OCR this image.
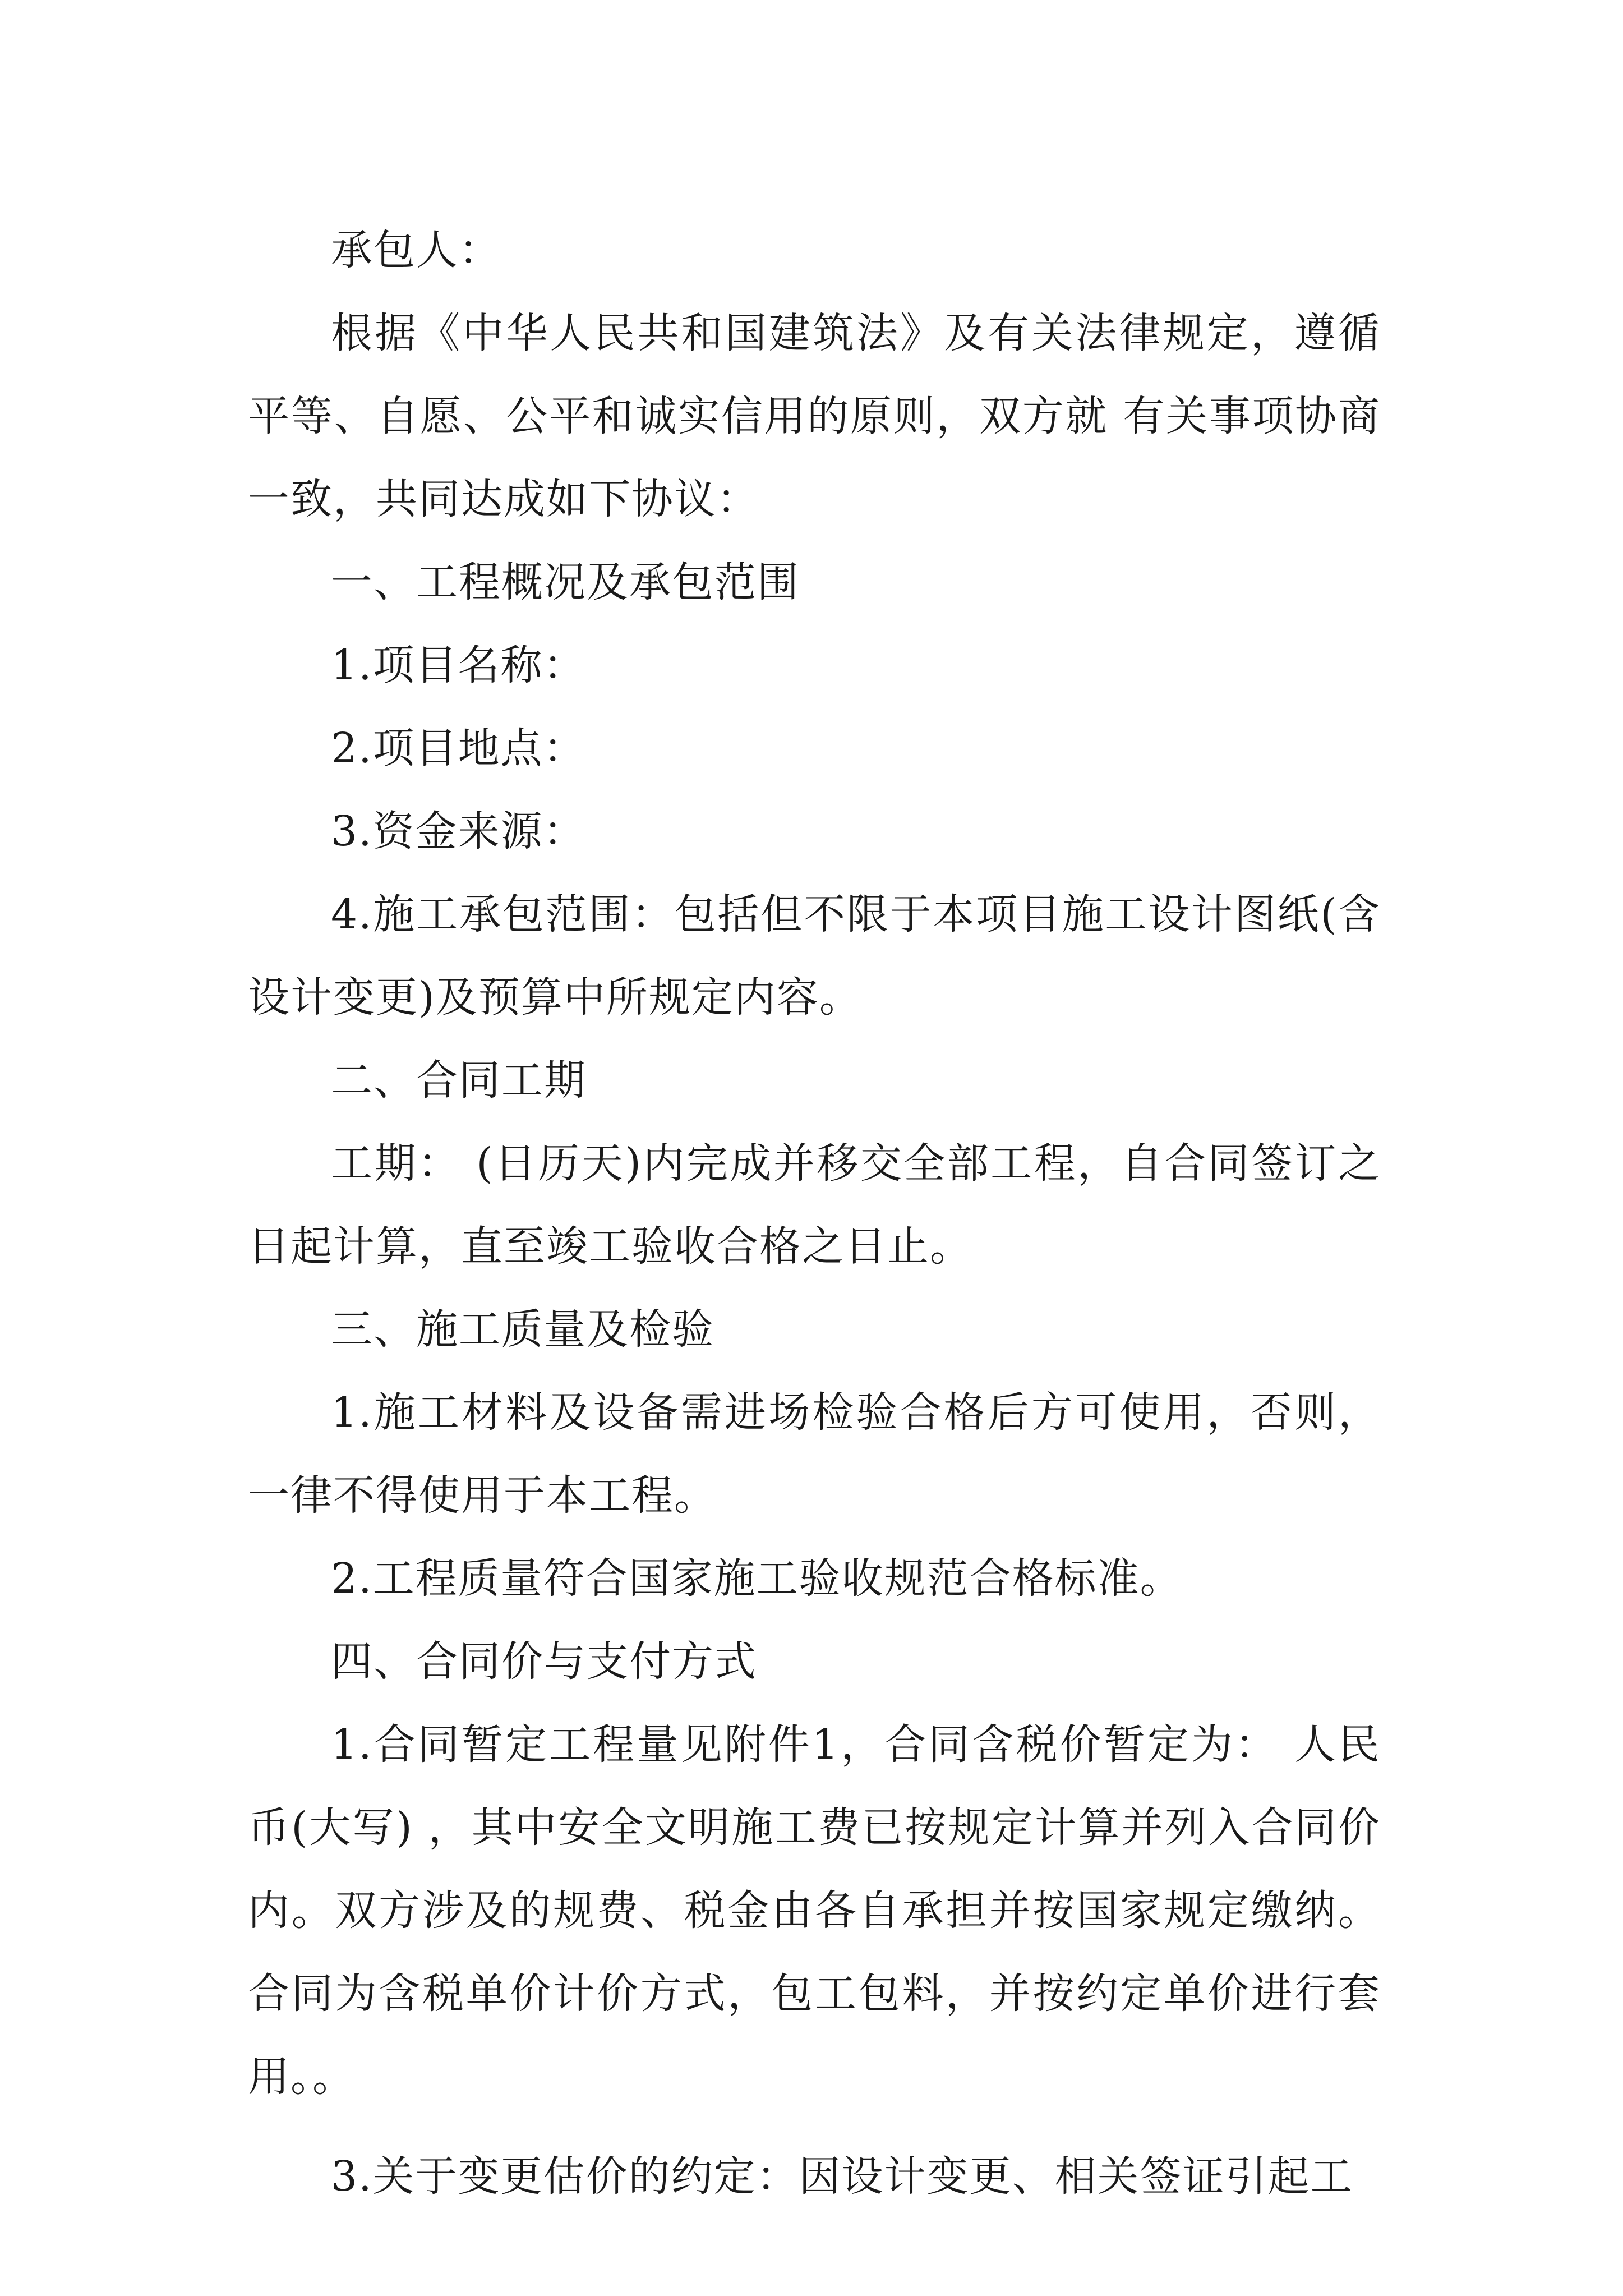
承包人：

根据《中华人民共和国建筑法》及有关法律规定，遵循平等、自愿、公平和诚实信用的原则，双方就 有关事项协商一致，共同达成如下协议：

一、工程概况及承包范围

1.项目名称：

2.项目地点：

3.资金来源：

4.施工承包范围：包括但不限于本项目施工设计图纸(含设计变更)及预算中所规定内容。

二、合同工期

工期： (日历天)内完成并移交全部工程，自合同签订之日起计算，直至竣工验收合格之日止。

三、施工质量及检验

1.施工材料及设备需进场检验合格后方可使用，否则，一律不得使用于本工程。

2.工程质量符合国家施工验收规范合格标准。

四、合同价与支付方式

1.合同暂定工程量见附件1，合同含税价暂定为： 人民币(大写) ，其中安全文明施工费已按规定计算并列入合同价内。双方涉及的规费、税金由各自承担并按国家规定缴纳。合同为含税单价计价方式，包工包料，并按约定单价进行套用。。

3.关于变更估价的约定：因设计变更、相关签证引起工
